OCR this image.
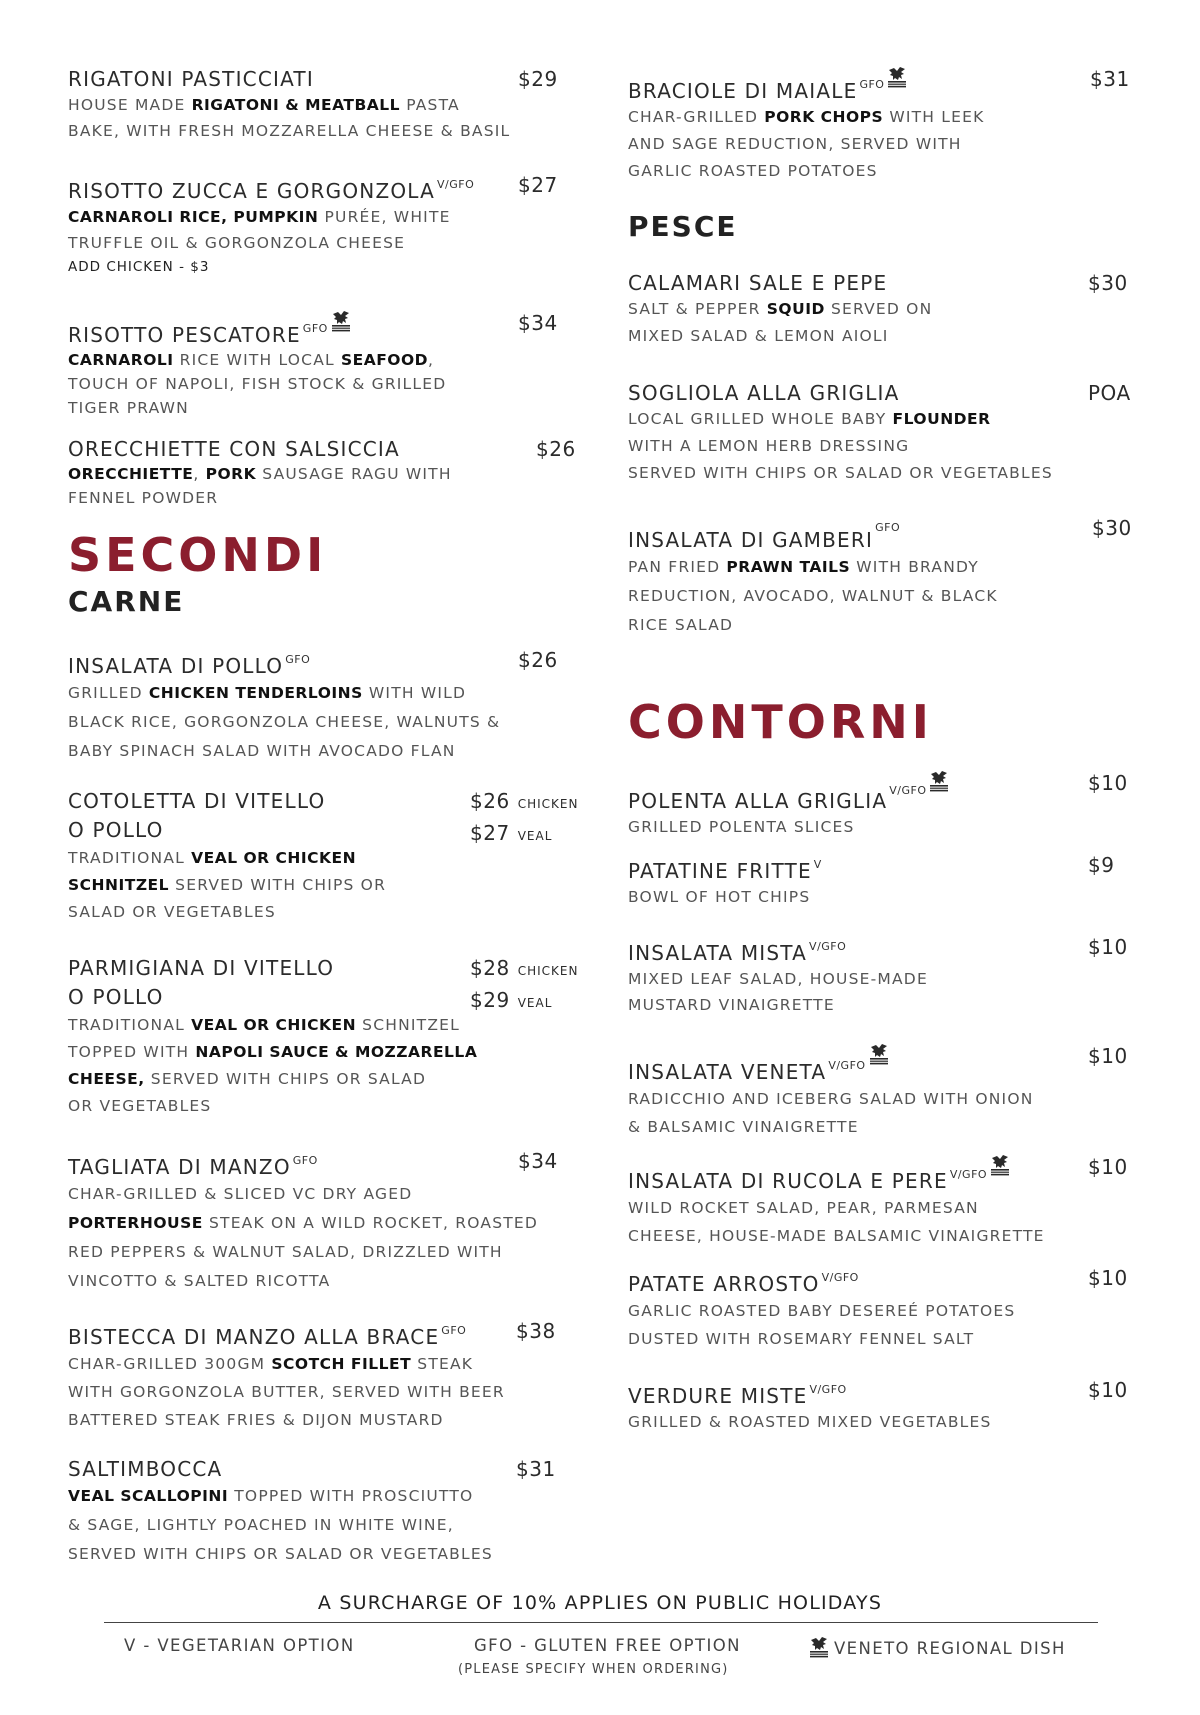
RIGATONI PASTICCIATI	$29
HOUSE MADE RIGATONI & MEATBALL PASTA
BAKE, WITH FRESH MOZZARELLA CHEESE & BASIL
RISOTTO ZUCCA E GORGONZOLA $^{V/GFO}$	$27
CARNAROLI RICE, PUMPKIN PURÉE, WHITE
TRUFFLE OIL & GORGONZOLA CHEESE
ADD CHICKEN - $3
RISOTTO PESCATORE $^{GFO}$	$34
CARNAROLI RICE WITH LOCAL SEAFOOD,
TOUCH OF NAPOLI, FISH STOCK & GRILLED
TIGER PRAWN
ORECCHIETTE CON SALSICCIA	$26
ORECCHIETTE, PORK SAUSAGE RAGU WITH
FENNEL POWDER
SECONDI
CARNE
INSALATA DI POLLO $^{GFO}$	$26
GRILLED CHICKEN TENDERLOINS WITH WILD
BLACK RICE, GORGONZOLA CHEESE, WALNUTS &
BABY SPINACH SALAD WITH AVOCADO FLAN
COTOLETTA DI VITELLO
O POLLO
$26 CHICKEN
$27 VEAL
TRADITIONAL VEAL OR CHICKEN
SCHNITZEL SERVED WITH CHIPS OR
SALAD OR VEGETABLES
PARMIGIANA DI VITELLO
O POLLO
$28 CHICKEN
$29 VEAL
TRADITIONAL VEAL OR CHICKEN SCHNITZEL
TOPPED WITH NAPOLI SAUCE & MOZZARELLA
CHEESE, SERVED WITH CHIPS OR SALAD
OR VEGETABLES
TAGLIATA DI MANZO $^{GFO}$	$34
CHAR-GRILLED & SLICED VC DRY AGED
PORTERHOUSE STEAK ON A WILD ROCKET, ROASTED
RED PEPPERS & WALNUT SALAD, DRIZZLED WITH
VINCOTTO & SALTED RICOTTA
BISTECCA DI MANZO ALLA BRACE $^{GFO}$	$38
CHAR-GRILLED 300GM SCOTCH FILLET STEAK
WITH GORGONZOLA BUTTER, SERVED WITH BEER
BATTERED STEAK FRIES & DIJON MUSTARD
SALTIMBOCCA	$31
VEAL SCALLOPINI TOPPED WITH PROSCIUTTO
& SAGE, LIGHTLY POACHED IN WHITE WINE,
SERVED WITH CHIPS OR SALAD OR VEGETABLES
BRACIOLE DI MAIALE $^{GFO}$	$31
CHAR-GRILLED PORK CHOPS WITH LEEK
AND SAGE REDUCTION, SERVED WITH
GARLIC ROASTED POTATOES
PESCE
CALAMARI SALE E PEPE	$30
SALT & PEPPER SQUID SERVED ON
MIXED SALAD & LEMON AIOLI
SOGLIOLA ALLA GRIGLIA	POA
LOCAL GRILLED WHOLE BABY FLOUNDER
WITH A LEMON HERB DRESSING
SERVED WITH CHIPS OR SALAD OR VEGETABLES
INSALATA DI $GAMBERI^{GFO}$	$30
PAN FRIED PRAWN TAILS WITH BRANDY
REDUCTION, AVOCADO, WALNUT & BLACK
RICE SALAD
CONTORNI
POLENTA ALLA GRIGLIA $^{V/GFO}$	$10
GRILLED POLENTA SLICES
PATATINE FRITTE $^V$	$9
BOWL OF HOT CHIPS
INSALATA MISTA $^{V/GFO}$	$10
MIXED LEAF SALAD, HOUSE-MADE
MUSTARD VINAIGRETTE
INSALATA VENETA $^{V/GFO}$	$10
RADICCHIO AND ICEBERG SALAD WITH ONION
& BALSAMIC VINAIGRETTE
INSALATA DI RUCOLA E PERE $^{V/GFO}$	$10
WILD ROCKET SALAD, PEAR, PARMESAN
CHEESE, HOUSE-MADE BALSAMIC VINAIGRETTE
PATATE ARROSTO $^{V/GFO}$	$10
GARLIC ROASTED BABY DESEREÉ POTATOES
DUSTED WITH ROSEMARY FENNEL SALT
VERDURE MISTE $^{V/GFO}$	$10
GRILLED & ROASTED MIXED VEGETABLES
A SURCHARGE OF 10% APPLIES ON PUBLIC HOLIDAYS
V - VEGETARIAN OPTION	GFO - GLUTEN FREE OPTION
(PLEASE SPECIFY WHEN ORDERING)
VENETO REGIONAL DISH
